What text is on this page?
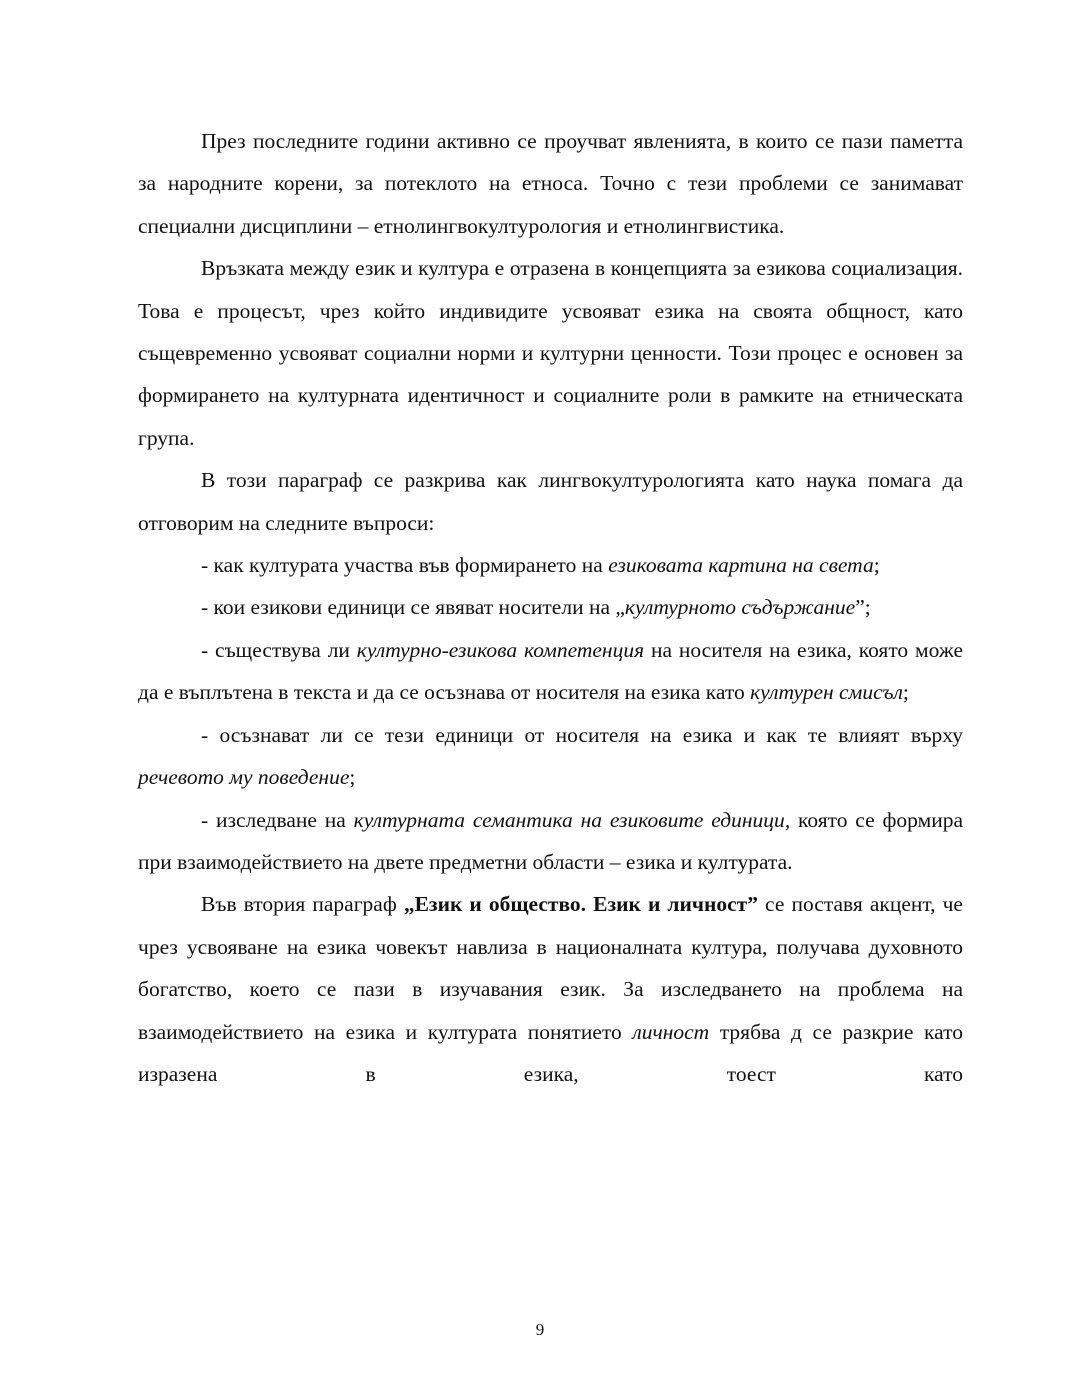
През последните години активно се проучват явленията, в които се пази паметта за народните корени, за потеклото на етноса. Точно с тези проблеми се занимават специални дисциплини – етнолингвокултурология и етнолингвистика.

Връзката между език и култура е отразена в концепцията за езикова социализация. Това е процесът, чрез който индивидите усвояват езика на своята общност, като същевременно усвояват социални норми и културни ценности. Този процес е основен за формирането на културната идентичност и социалните роли в рамките на етническата група.

В този параграф се разкрива как лингвокултурологията като наука помага да отговорим на следните въпроси:

- как културата участва във формирането на езиковата картина на света;

- кои езикови единици се явяват носители на „културното съдържание”;

- съществува ли културно-езикова компетенция на носителя на езика, която може да е въплътена в текста и да се осъзнава от носителя на езика като културен смисъл;

- осъзнават ли се тези единици от носителя на езика и как те влияят върху речевото му поведение;

- изследване на културната семантика на езиковите единици, която се формира при взаимодействието на двете предметни области – езика и културата.

Във втория параграф „Език и общество. Език и личност” се поставя акцент, че чрез усвояване на езика човекът навлиза в националната култура, получава духовното богатство, което се пази в изучавания език. За изследването на проблема на взаимодействието на езика и културата понятието личност трябва д се разкрие като изразена в езика, тоест като

9
